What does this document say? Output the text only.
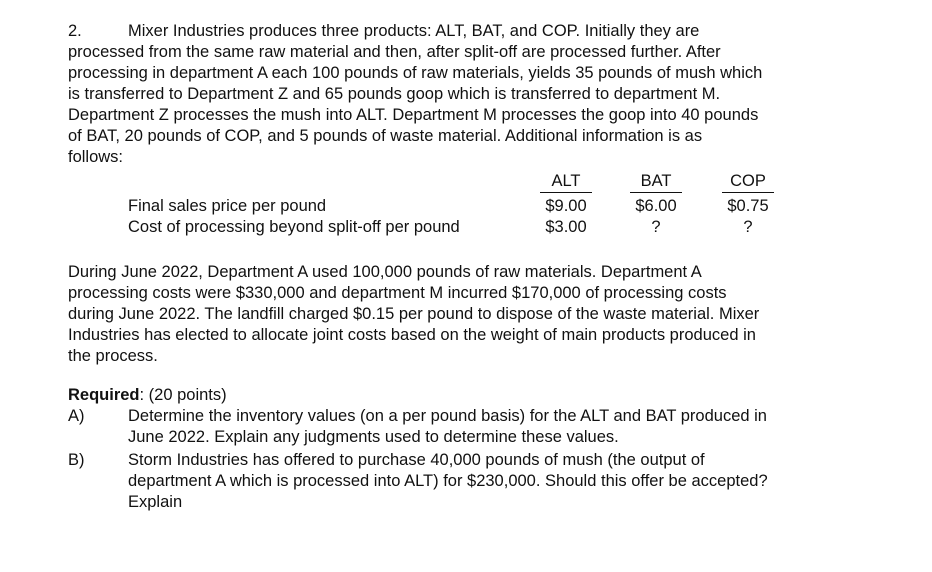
2.	Mixer Industries produces three products: ALT, BAT, and COP. Initially they are
processed from the same raw material and then, after split-off are processed further. After
processing in department A each 100 pounds of raw materials, yields 35 pounds of mush which
is transferred to Department Z and 65 pounds goop which is transferred to department M.
Department Z processes the mush into ALT. Department M processes the goop into 40 pounds
of BAT, 20 pounds of COP, and 5 pounds of waste material. Additional information is as
follows:
ALT	BAT	COP
Final sales price per pound	$9.00	$6.00	$0.75
Cost of processing beyond split-off per pound	$3.00	?	?
During June 2022, Department A used 100,000 pounds of raw materials. Department A
processing costs were $330,000 and department M incurred $170,000 of processing costs
during June 2022. The landfill charged $0.15 per pound to dispose of the waste material. Mixer
Industries has elected to allocate joint costs based on the weight of main products produced in
the process.
Required: (20 points)
A)	Determine the inventory values (on a per pound basis) for the ALT and BAT produced in
June 2022. Explain any judgments used to determine these values.
B)	Storm Industries has offered to purchase 40,000 pounds of mush (the output of
department A which is processed into ALT) for $230,000. Should this offer be accepted?
Explain
